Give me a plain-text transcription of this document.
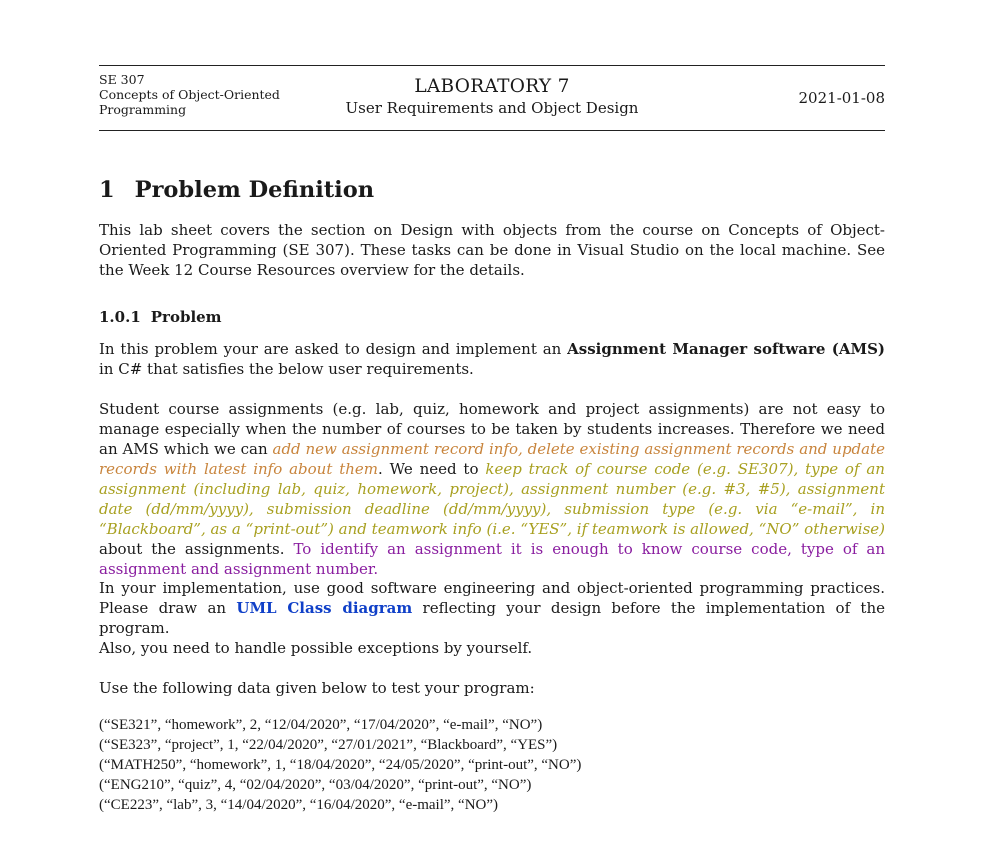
SE 307
Concepts of Object-Oriented
Programming
LABORATORY 7
User Requirements and Object Design
2021-01-08
1 Problem Definition
This lab sheet covers the section on Design with objects from the course on Concepts of Object-Oriented Programming (SE 307). These tasks can be done in Visual Studio on the local machine. See the Week 12 Course Resources overview for the details.
1.0.1 Problem
In this problem your are asked to design and implement an Assignment Manager software (AMS) in C# that satisfies the below user requirements.
Student course assignments (e.g. lab, quiz, homework and project assignments) are not easy to manage especially when the number of courses to be taken by students increases. Therefore we need an AMS which we can add new assignment record info, delete existing assignment records and update records with latest info about them. We need to keep track of course code (e.g. SE307), type of an assignment (including lab, quiz, homework, project), assignment number (e.g. #3, #5), assignment date (dd/mm/yyyy), submission deadline (dd/mm/yyyy), submission type (e.g. via “e-mail”, in “Blackboard”, as a “print-out”) and teamwork info (i.e. “YES”, if teamwork is allowed, “NO” otherwise) about the assignments. To identify an assignment it is enough to know course code, type of an assignment and assignment number.
In your implementation, use good software engineering and object-oriented programming practices. Please draw an UML Class diagram reflecting your design before the implementation of the program.
Also, you need to handle possible exceptions by yourself.
Use the following data given below to test your program:
(“SE321”, “homework”, 2, “12/04/2020”, “17/04/2020”, “e-mail”, “NO”)
(“SE323”, “project”, 1, “22/04/2020”, “27/01/2021”, “Blackboard”, “YES”)
(“MATH250”, “homework”, 1, “18/04/2020”, “24/05/2020”, “print-out”, “NO”)
(“ENG210”, “quiz”, 4, “02/04/2020”, “03/04/2020”, “print-out”, “NO”)
(“CE223”, “lab”, 3, “14/04/2020”, “16/04/2020”, “e-mail”, “NO”)
